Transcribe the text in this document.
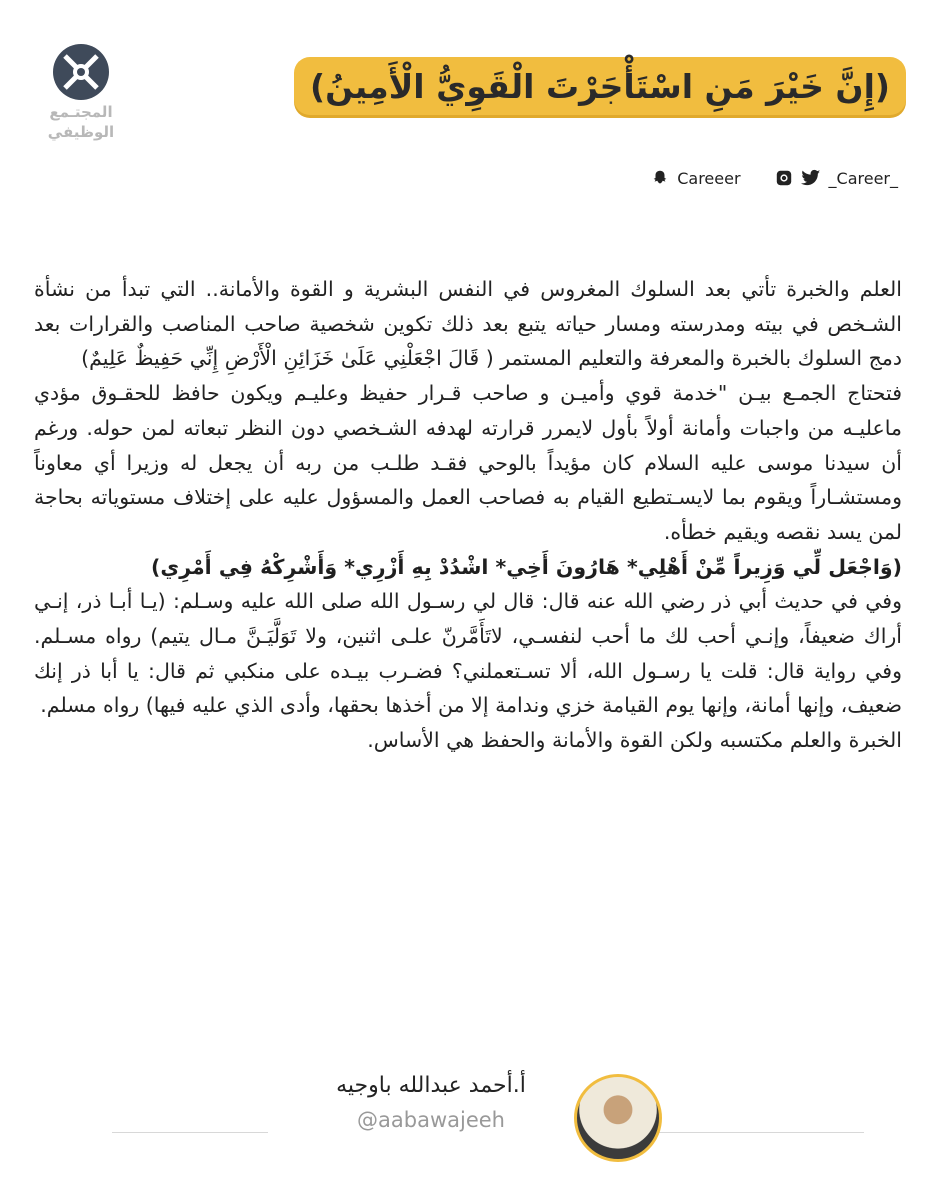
(إِنَّ خَيْرَ مَنِ اسْتَأْجَرْتَ الْقَوِيُّ الْأَمِينُ)
المجتـمع
الوظيفي
Careeer	_Career_

العلم والخبرة تأتي بعد السلوك المغروس في النفس البشرية و القوة والأمانة.. التي تبدأ من نشأة الشـخص في بيته ومدرسته ومسار حياته يتبع بعد ذلك تكوين شخصية صاحب المناصب والقرارات بعد دمج السلوك بالخبرة والمعرفة والتعليم المستمر ( قَالَ اجْعَلْنِي عَلَىٰ خَزَائِنِ الْأَرْضِ إِنِّي حَفِيظٌ عَلِيمٌ)

فتحتاج الجمـع بيـن "خدمة قوي وأميـن و صاحب قـرار حفيظ وعليـم ويكون حافظ للحقـوق مؤدي ماعليـه من واجبات وأمانة أولاً بأول لايمرر قرارته لهدفه الشـخصي دون النظر تبعاته لمن حوله. ورغم أن سيدنا موسى عليه السلام كان مؤيداً بالوحي فقـد طلـب من ربه أن يجعل له وزيرا أي معاوناً ومستشـاراً ويقوم بما لايسـتطيع القيام به فصاحب العمل والمسؤول عليه على إختلاف مستوياته بحاجة لمن يسد نقصه ويقيم خطأه.

(وَاجْعَل لِّي وَزِيراً مِّنْ أَهْلِي* هَارُونَ أَخِي* اشْدُدْ بِهِ أَزْرِي* وَأَشْرِكْهُ فِي أَمْرِي)

وفي في حديث أبي ذر رضي الله عنه قال: قال لي رسـول الله صلى الله عليه وسـلم: (يـا أبـا ذر، إنـي أراك ضعيفاً، وإنـي أحب لك ما أحب لنفسـي، لاتَأَمَّرنّ علـى اثنين، ولا تَوَلَّيَـنَّ مـال يتيم) رواه مسـلم. وفي رواية قال: قلت يا رسـول الله، ألا تسـتعملني؟ فضـرب بيـده على منكبي ثم قال: يا أبا ذر إنك ضعيف، وإنها أمانة، وإنها يوم القيامة خزي وندامة إلا من أخذها بحقها، وأدى الذي عليه فيها) رواه مسلم.

الخبرة والعلم مكتسبه ولكن القوة والأمانة والحفظ هي الأساس.

أ.أحمد عبدالله باوجيه
@aabawajeeh
